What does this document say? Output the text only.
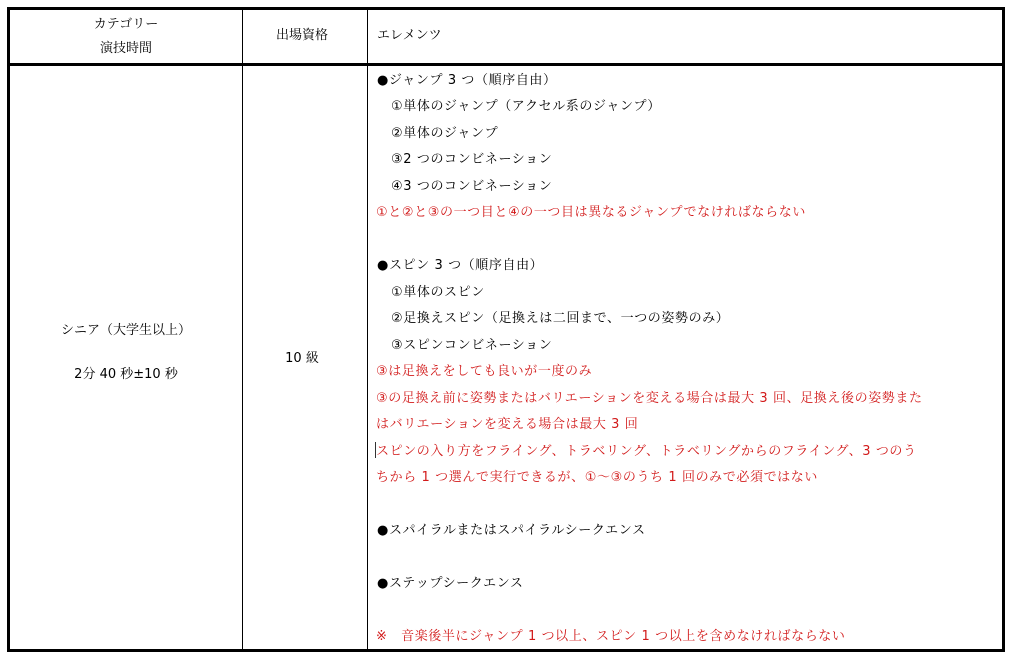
カテゴリー
演技時間
出場資格	エレメンツ
シニア（大学生以上）
2分 40 秒±10 秒
10 級
●ジャンプ 3 つ（順序自由）
①単体のジャンプ（アクセル系のジャンプ）
②単体のジャンプ
③2 つのコンビネーション
④3 つのコンビネーション
①と②と③の一つ目と④の一つ目は異なるジャンプでなければならない
●スピン 3 つ（順序自由）
①単体のスピン
②足換えスピン（足換えは二回まで、一つの姿勢のみ）
③スピンコンビネーション
③は足換えをしても良いが一度のみ
③の足換え前に姿勢またはバリエーションを変える場合は最大 3 回、足換え後の姿勢また
はバリエーションを変える場合は最大 3 回
スピンの入り方をフライング、トラベリング、トラベリングからのフライング、3 つのう
ちから 1 つ選んで実行できるが、①～③のうち 1 回のみで必須ではない
●スパイラルまたはスパイラルシークエンス
●ステップシークエンス
※　音楽後半にジャンプ 1 つ以上、スピン 1 つ以上を含めなければならない
